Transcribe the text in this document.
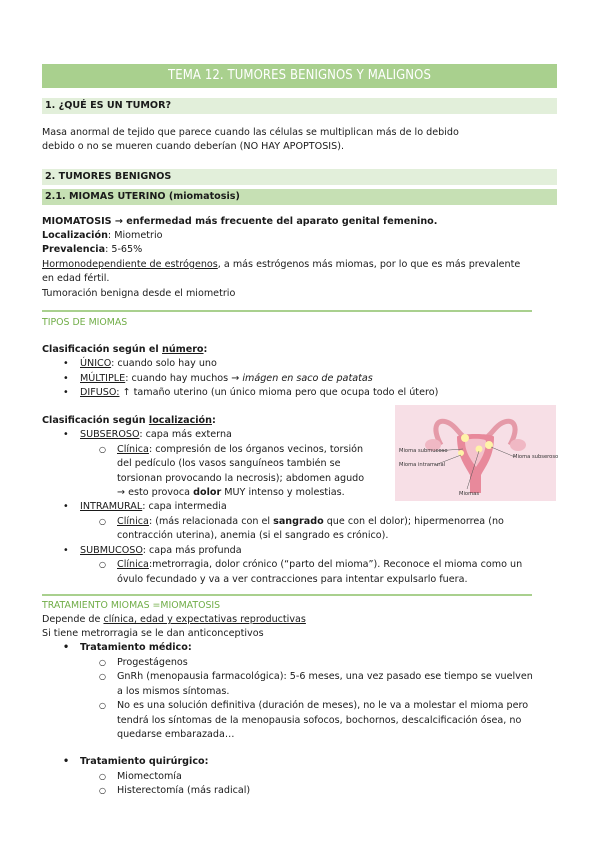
TEMA 12. TUMORES BENIGNOS Y MALIGNOS
1. ¿QUÉ ES UN TUMOR?
Masa anormal de tejido que parece cuando las células se multiplican más de lo debido
debido o no se mueren cuando deberían (NO HAY APOPTOSIS).
2. TUMORES BENIGNOS
2.1. MIOMAS UTERINO (miomatosis)
MIOMATOSIS → enfermedad más frecuente del aparato genital femenino.
Localización: Miometrio
Prevalencia: 5-65%
Hormonodependiente de estrógenos, a más estrógenos más miomas, por lo que es más prevalente
en edad fértil.
Tumoración benigna desde el miometrio
TIPOS DE MIOMAS
Clasificación según el número:
• ÚNICO: cuando solo hay uno
• MÚLTIPLE: cuando hay muchos → imágen en saco de patatas
• DIFUSO: ↑ tamaño uterino (un único mioma pero que ocupa todo el útero)
Clasificación según localización:
• SUBSEROSO: capa más externa
○ Clínica: compresión de los órganos vecinos, torsión
del pedículo (los vasos sanguíneos también se
torsionan provocando la necrosis); abdomen agudo
→ esto provoca dolor MUY intenso y molestias.
• INTRAMURAL: capa intermedia
○ Clínica: (más relacionada con el sangrado que con el dolor); hipermenorrea (no
contracción uterina), anemia (si el sangrado es crónico).
• SUBMUCOSO: capa más profunda
○ Clínica:metrorragia, dolor crónico (“parto del mioma”). Reconoce el mioma como un
óvulo fecundado y va a ver contracciones para intentar expulsarlo fuera.
Mioma submucoso
Mioma intramural
Mioma subseroso
Miomas
TRATAMIENTO MIOMAS =MIOMATOSIS
Depende de clínica, edad y expectativas reproductivas
Si tiene metrorragia se le dan anticonceptivos
• Tratamiento médico:
○ Progestágenos
○ GnRh (menopausia farmacológica): 5-6 meses, una vez pasado ese tiempo se vuelven
a los mismos síntomas.
○ No es una solución definitiva (duración de meses), no le va a molestar el mioma pero
tendrá los síntomas de la menopausia sofocos, bochornos, descalcificación ósea, no
quedarse embarazada…
• Tratamiento quirúrgico:
○ Miomectomía
○ Histerectomía (más radical)
